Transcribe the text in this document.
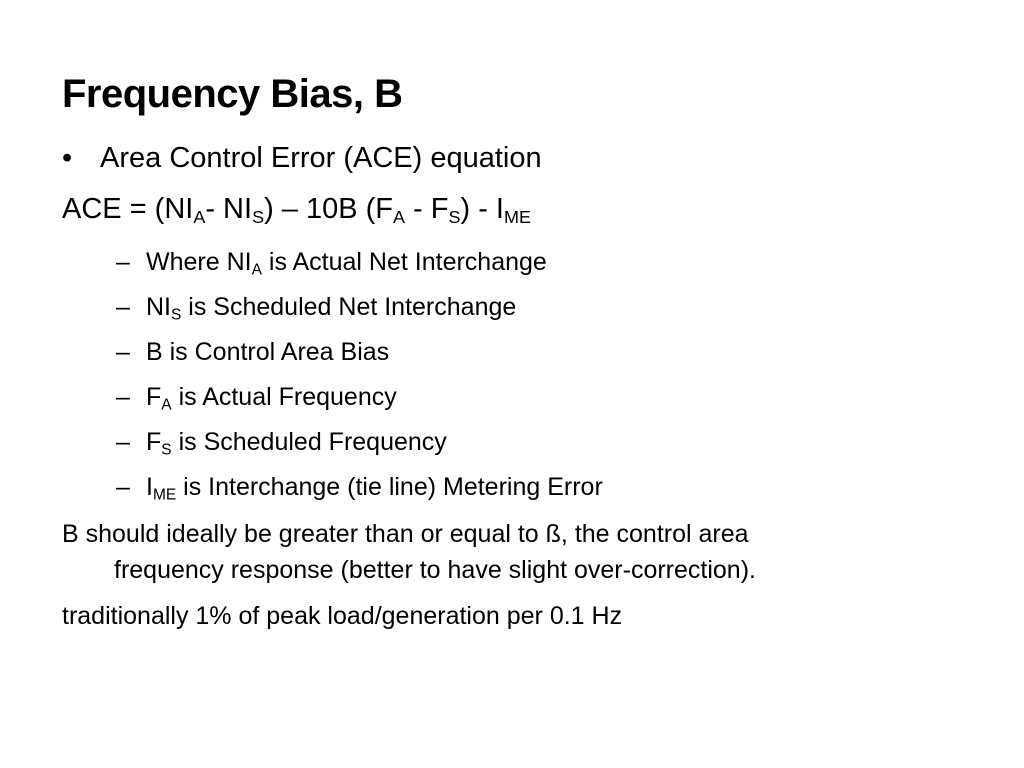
Frequency Bias, B
• Area Control Error (ACE) equation
ACE = ($NI_A-$ $NI_S) - 10B$ $(F_A - F_S) - I_{ME}$
– Where $NI_A$ is Actual Net Interchange
– $NI_S$ is Scheduled Net Interchange
– B is Control Area Bias
– $F_A$ is Actual Frequency
– $F_S$ is Scheduled Frequency
– $I_{ME}$ is Interchange (tie line) Metering Error
B should ideally be greater than or equal to ß, the control area
frequency response (better to have slight over-correction).
traditionally 1% of peak load/generation per 0.1 Hz
